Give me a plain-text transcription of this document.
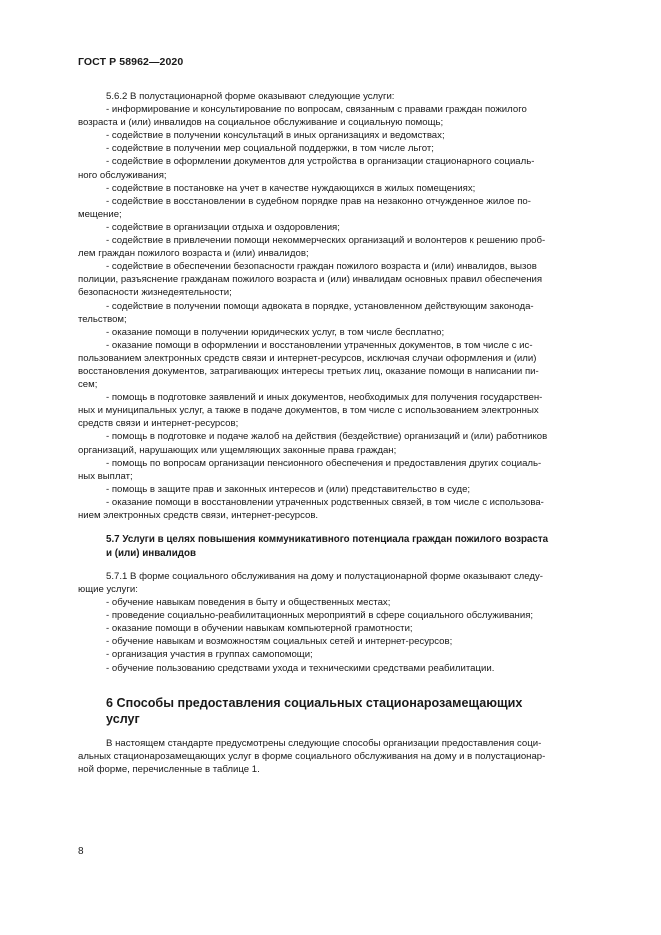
ГОСТ Р 58962—2020

5.6.2 В полустационарной форме оказывают следующие услуги:

- информирование и консультирование по вопросам, связанным с правами граждан пожилого

возраста и (или) инвалидов на социальное обслуживание и социальную помощь;

- содействие в получении консультаций в иных организациях и ведомствах;

- содействие в получении мер социальной поддержки, в том числе льгот;

- содействие в оформлении документов для устройства в организации стационарного социаль-

ного обслуживания;

- содействие в постановке на учет в качестве нуждающихся в жилых помещениях;

- содействие в восстановлении в судебном порядке прав на незаконно отчужденное жилое по-

мещение;

- содействие в организации отдыха и оздоровления;

- содействие в привлечении помощи некоммерческих организаций и волонтеров к решению проб-

лем граждан пожилого возраста и (или) инвалидов;

- содействие в обеспечении безопасности граждан пожилого возраста и (или) инвалидов, вызов

полиции, разъяснение гражданам пожилого возраста и (или) инвалидам основных правил обеспечения

безопасности жизнедеятельности;

- содействие в получении помощи адвоката в порядке, установленном действующим законода-

тельством;

- оказание помощи в получении юридических услуг, в том числе бесплатно;

- оказание помощи в оформлении и восстановлении утраченных документов, в том числе с ис-

пользованием электронных средств связи и интернет-ресурсов, исключая случаи оформления и (или)

восстановления документов, затрагивающих интересы третьих лиц, оказание помощи в написании пи-

сем;

- помощь в подготовке заявлений и иных документов, необходимых для получения государствен-

ных и муниципальных услуг, а также в подаче документов, в том числе с использованием электронных

средств связи и интернет-ресурсов;

- помощь в подготовке и подаче жалоб на действия (бездействие) организаций и (или) работников

организаций, нарушающих или ущемляющих законные права граждан;

- помощь по вопросам организации пенсионного обеспечения и предоставления других социаль-

ных выплат;

- помощь в защите прав и законных интересов и (или) представительство в суде;

- оказание помощи в восстановлении утраченных родственных связей, в том числе с использова-

нием электронных средств связи, интернет-ресурсов.

5.7 Услуги в целях повышения коммуникативного потенциала граждан пожилого возраста
и (или) инвалидов

5.7.1 В форме социального обслуживания на дому и полустационарной форме оказывают следу-

ющие услуги:

- обучение навыкам поведения в быту и общественных местах;

- проведение социально-реабилитационных мероприятий в сфере социального обслуживания;

- оказание помощи в обучении навыкам компьютерной грамотности;

- обучение навыкам и возможностям социальных сетей и интернет-ресурсов;

- организация участия в группах самопомощи;

- обучение пользованию средствами ухода и техническими средствами реабилитации.

6 Способы предоставления социальных стационарозамещающих
услуг

В настоящем стандарте предусмотрены следующие способы организации предоставления соци-

альных стационарозамещающих услуг в форме социального обслуживания на дому и в полустационар-

ной форме, перечисленные в таблице 1.

8
